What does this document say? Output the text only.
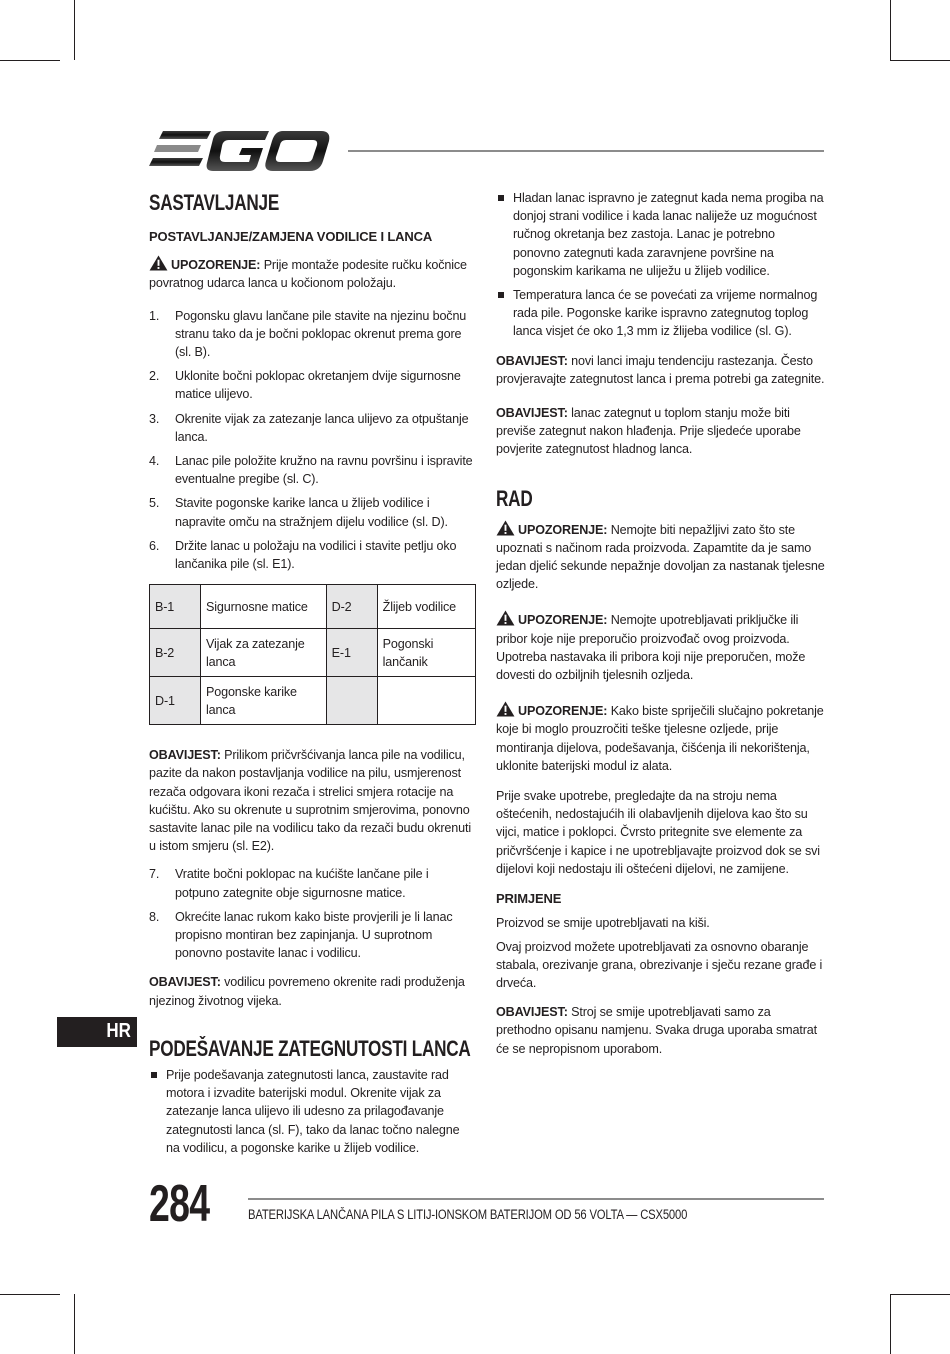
SASTAVLJANJE
POSTAVLJANJE/ZAMJENA VODILICE I LANCA

UPOZORENJE: Prije montaže podesite ručku kočnice povratnog udarca lanca u kočionom položaju.

1. Pogonsku glavu lančane pile stavite na njezinu bočnu stranu tako da je bočni poklopac okrenut prema gore (sl. B).
2. Uklonite bočni poklopac okretanjem dvije sigurnosne matice ulijevo.
3. Okrenite vijak za zatezanje lanca ulijevo za otpuštanje lanca.
4. Lanac pile položite kružno na ravnu površinu i ispravite eventualne pregibe (sl. C).
5. Stavite pogonske karike lanca u žlijeb vodilice i napravite omču na stražnjem dijelu vodilice (sl. D).
6. Držite lanac u položaju na vodilici i stavite petlju oko lančanika pile (sl. E1).
B-1	Sigurnosne matice	D-2	Žlijeb vodilice
B-2	Vijak za zatezanje lanca	E-1	Pogonski lančanik
D-1	Pogonske karike lanca		

OBAVIJEST: Prilikom pričvršćivanja lanca pile na vodilicu, pazite da nakon postavljanja vodilice na pilu, usmjerenost rezača odgovara ikoni rezača i strelici smjera rotacije na kućištu. Ako su okrenute u suprotnim smjerovima, ponovno sastavite lanac pile na vodilicu tako da rezači budu okrenuti u istom smjeru (sl. E2).

7. Vratite bočni poklopac na kućište lančane pile i potpuno zategnite obje sigurnosne matice.
8. Okrećite lanac rukom kako biste provjerili je li lanac propisno montiran bez zapinjanja. U suprotnom ponovno postavite lanac i vodilicu.

OBAVIJEST: vodilicu povremeno okrenite radi produženja njezinog životnog vijeka.

PODEŠAVANJE ZATEGNUTOSTI LANCA
Prije podešavanja zategnutosti lanca, zaustavite rad motora i izvadite baterijski modul. Okrenite vijak za zatezanje lanca ulijevo ili udesno za prilagođavanje zategnutosti lanca (sl. F), tako da lanac točno nalegne na vodilicu, a pogonske karike u žlijeb vodilice.
Hladan lanac ispravno je zategnut kada nema progiba na donjoj strani vodilice i kada lanac naliježe uz mogućnost ručnog okretanja bez zastoja. Lanac je potrebno ponovno zategnuti kada zaravnjene površine na pogonskim karikama ne uliježu u žlijeb vodilice.
Temperatura lanca će se povećati za vrijeme normalnog rada pile. Pogonske karike ispravno zategnutog toplog lanca visjet će oko 1,3 mm iz žlijeba vodilice (sl. G).

OBAVIJEST: novi lanci imaju tendenciju rastezanja. Često provjeravajte zategnutost lanca i prema potrebi ga zategnite.

OBAVIJEST: lanac zategnut u toplom stanju može biti previše zategnut nakon hlađenja. Prije sljedeće uporabe povjerite zategnutost hladnog lanca.

RAD

UPOZORENJE: Nemojte biti nepažljivi zato što ste upoznati s načinom rada proizvoda. Zapamtite da je samo jedan djelić sekunde nepažnje dovoljan za nastanak tjelesne ozljede.

UPOZORENJE: Nemojte upotrebljavati priključke ili pribor koje nije preporučio proizvođač ovog proizvoda. Upotreba nastavaka ili pribora koji nije preporučen, može dovesti do ozbiljnih tjelesnih ozljeda.

UPOZORENJE: Kako biste spriječili slučajno pokretanje koje bi moglo prouzročiti teške tjelesne ozljede, prije montiranja dijelova, podešavanja, čišćenja ili nekorištenja, uklonite baterijski modul iz alata.

Prije svake upotrebe, pregledajte da na stroju nema oštećenih, nedostajućih ili olabavljenih dijelova kao što su vijci, matice i poklopci. Čvrsto pritegnite sve elemente za pričvršćenje i kapice i ne upotrebljavajte proizvod dok se svi dijelovi koji nedostaju ili oštećeni dijelovi, ne zamijene.

PRIMJENE

Proizvod se smije upotrebljavati na kiši.

Ovaj proizvod možete upotrebljavati za osnovno obaranje stabala, orezivanje grana, obrezivanje i sječu rezane građe i drveća.

OBAVIJEST: Stroj se smije upotrebljavati samo za prethodno opisanu namjenu. Svaka druga uporaba smatrat će se nepropisnom uporabom.

HR
284	BATERIJSKA LANČANA PILA S LITIJ-IONSKOM BATERIJOM OD 56 VOLTA — CSX5000
